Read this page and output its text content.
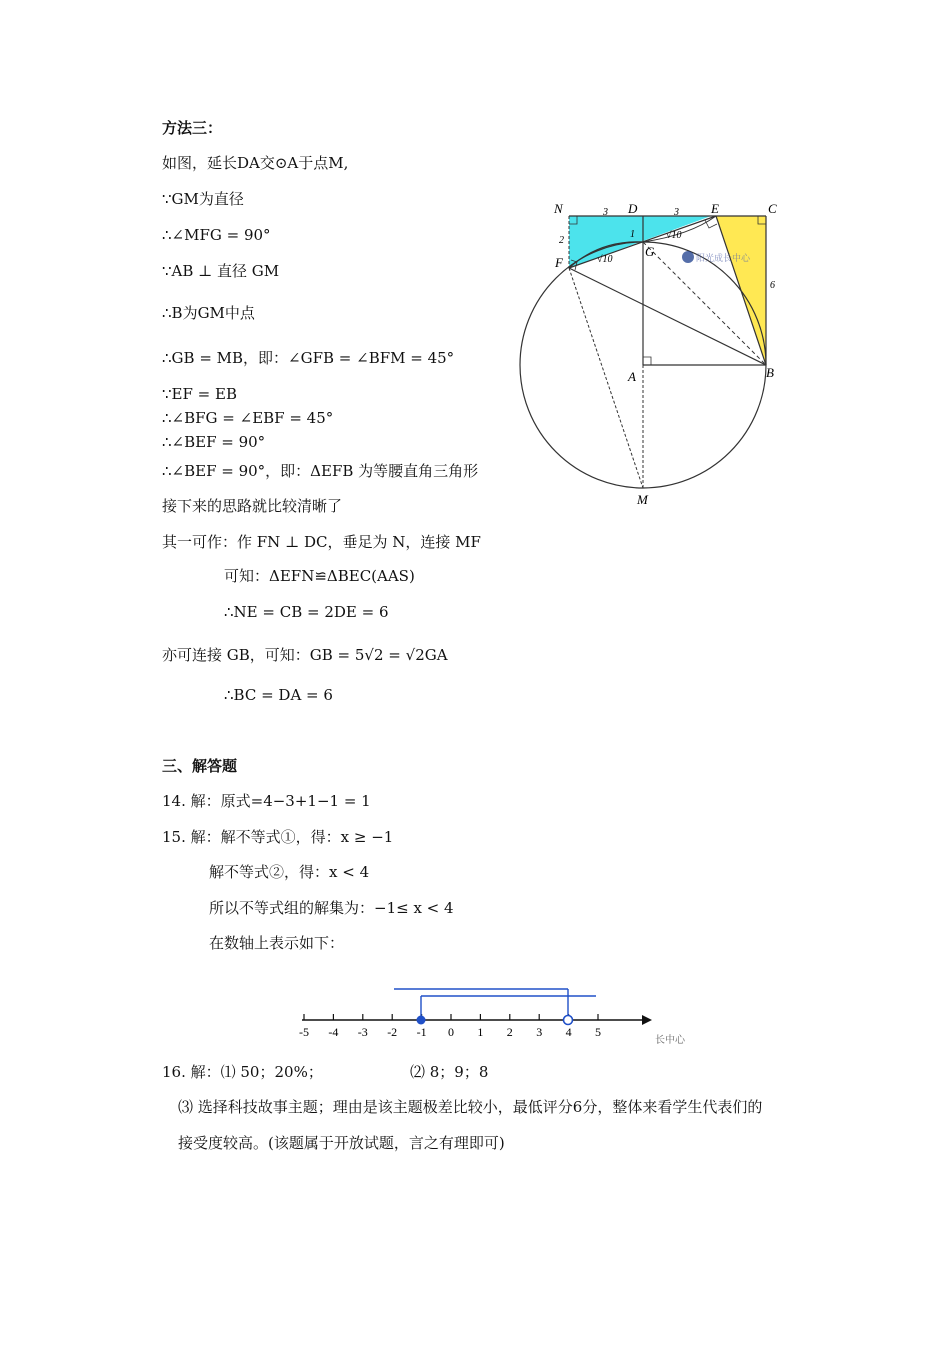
方法三：
如图，延长DA交⊙A于点M,
∵GM为直径
∴∠MFG = 90°
∵AB ⊥ 直径 GM
∴B为GM中点
∴GB = MB，即：∠GFB = ∠BFM = 45°
∵EF = EB
∴∠BFG = ∠EBF = 45°
∴∠BEF = 90°
∴∠BEF = 90°，即：ΔEFB 为等腰直角三角形
接下来的思路就比较清晰了
其一可作：作 FN ⊥ DC，垂足为 N，连接 MF
可知：ΔEFN≌ΔBEC(AAS)
∴NE = CB = 2DE = 6
亦可连接 GB，可知：GB = 5√2 = √2GA
∴BC = DA = 6
N	D	E	C
F
G
A	B
M
3	3
2
1
√10
√10
6
阳光成长中心
三、解答题
14. 解：原式=4−3+1−1 = 1
15. 解：解不等式①，得：x ≥ −1
解不等式②，得：x < 4
所以不等式组的解集为：−1≤ x < 4
在数轴上表示如下：
-5 -4 -3 -2 -1 0 1 2 3 4 5
长中心
16. 解：⑴ 50；20%；	⑵ 8；9；8
⑶ 选择科技故事主题；理由是该主题极差比较小，最低评分6分，整体来看学生代表们的
接受度较高。(该题属于开放试题，言之有理即可)
